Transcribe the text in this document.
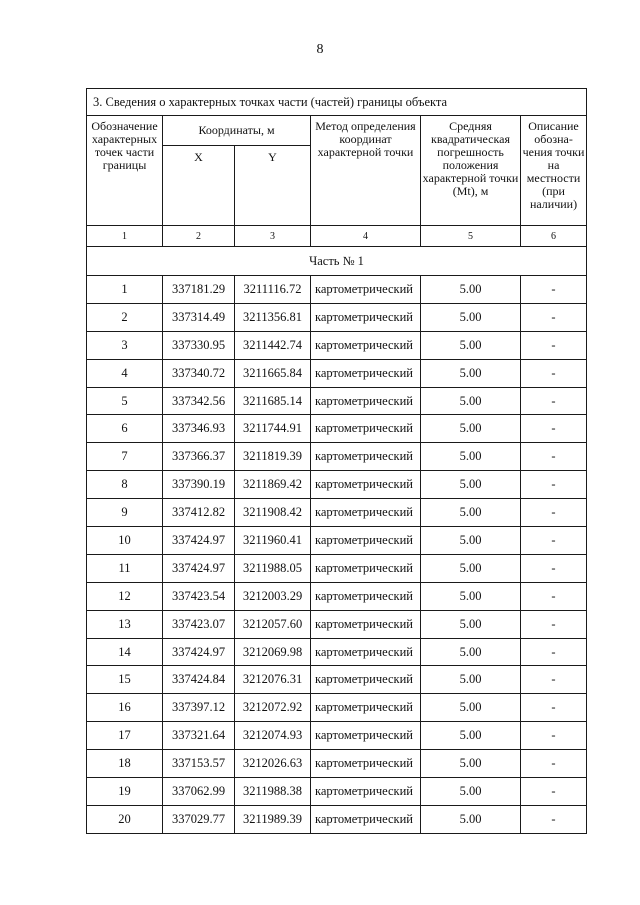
8
3. Сведения о характерных точках части (частей) границы объекта					
Обозначение характерных точек части границы	Координаты, м		Метод определения координат характерной точки	Средняя квадратическая погрешность положения характерной точки (Mt), м	Описание обозна-чения точки на местности (при наличии)
	X	Y			
1	2	3	4	5	6
Часть № 1					
1	337181.29	3211116.72	картометрический	5.00	-
2	337314.49	3211356.81	картометрический	5.00	-
3	337330.95	3211442.74	картометрический	5.00	-
4	337340.72	3211665.84	картометрический	5.00	-
5	337342.56	3211685.14	картометрический	5.00	-
6	337346.93	3211744.91	картометрический	5.00	-
7	337366.37	3211819.39	картометрический	5.00	-
8	337390.19	3211869.42	картометрический	5.00	-
9	337412.82	3211908.42	картометрический	5.00	-
10	337424.97	3211960.41	картометрический	5.00	-
11	337424.97	3211988.05	картометрический	5.00	-
12	337423.54	3212003.29	картометрический	5.00	-
13	337423.07	3212057.60	картометрический	5.00	-
14	337424.97	3212069.98	картометрический	5.00	-
15	337424.84	3212076.31	картометрический	5.00	-
16	337397.12	3212072.92	картометрический	5.00	-
17	337321.64	3212074.93	картометрический	5.00	-
18	337153.57	3212026.63	картометрический	5.00	-
19	337062.99	3211988.38	картометрический	5.00	-
20	337029.77	3211989.39	картометрический	5.00	-
